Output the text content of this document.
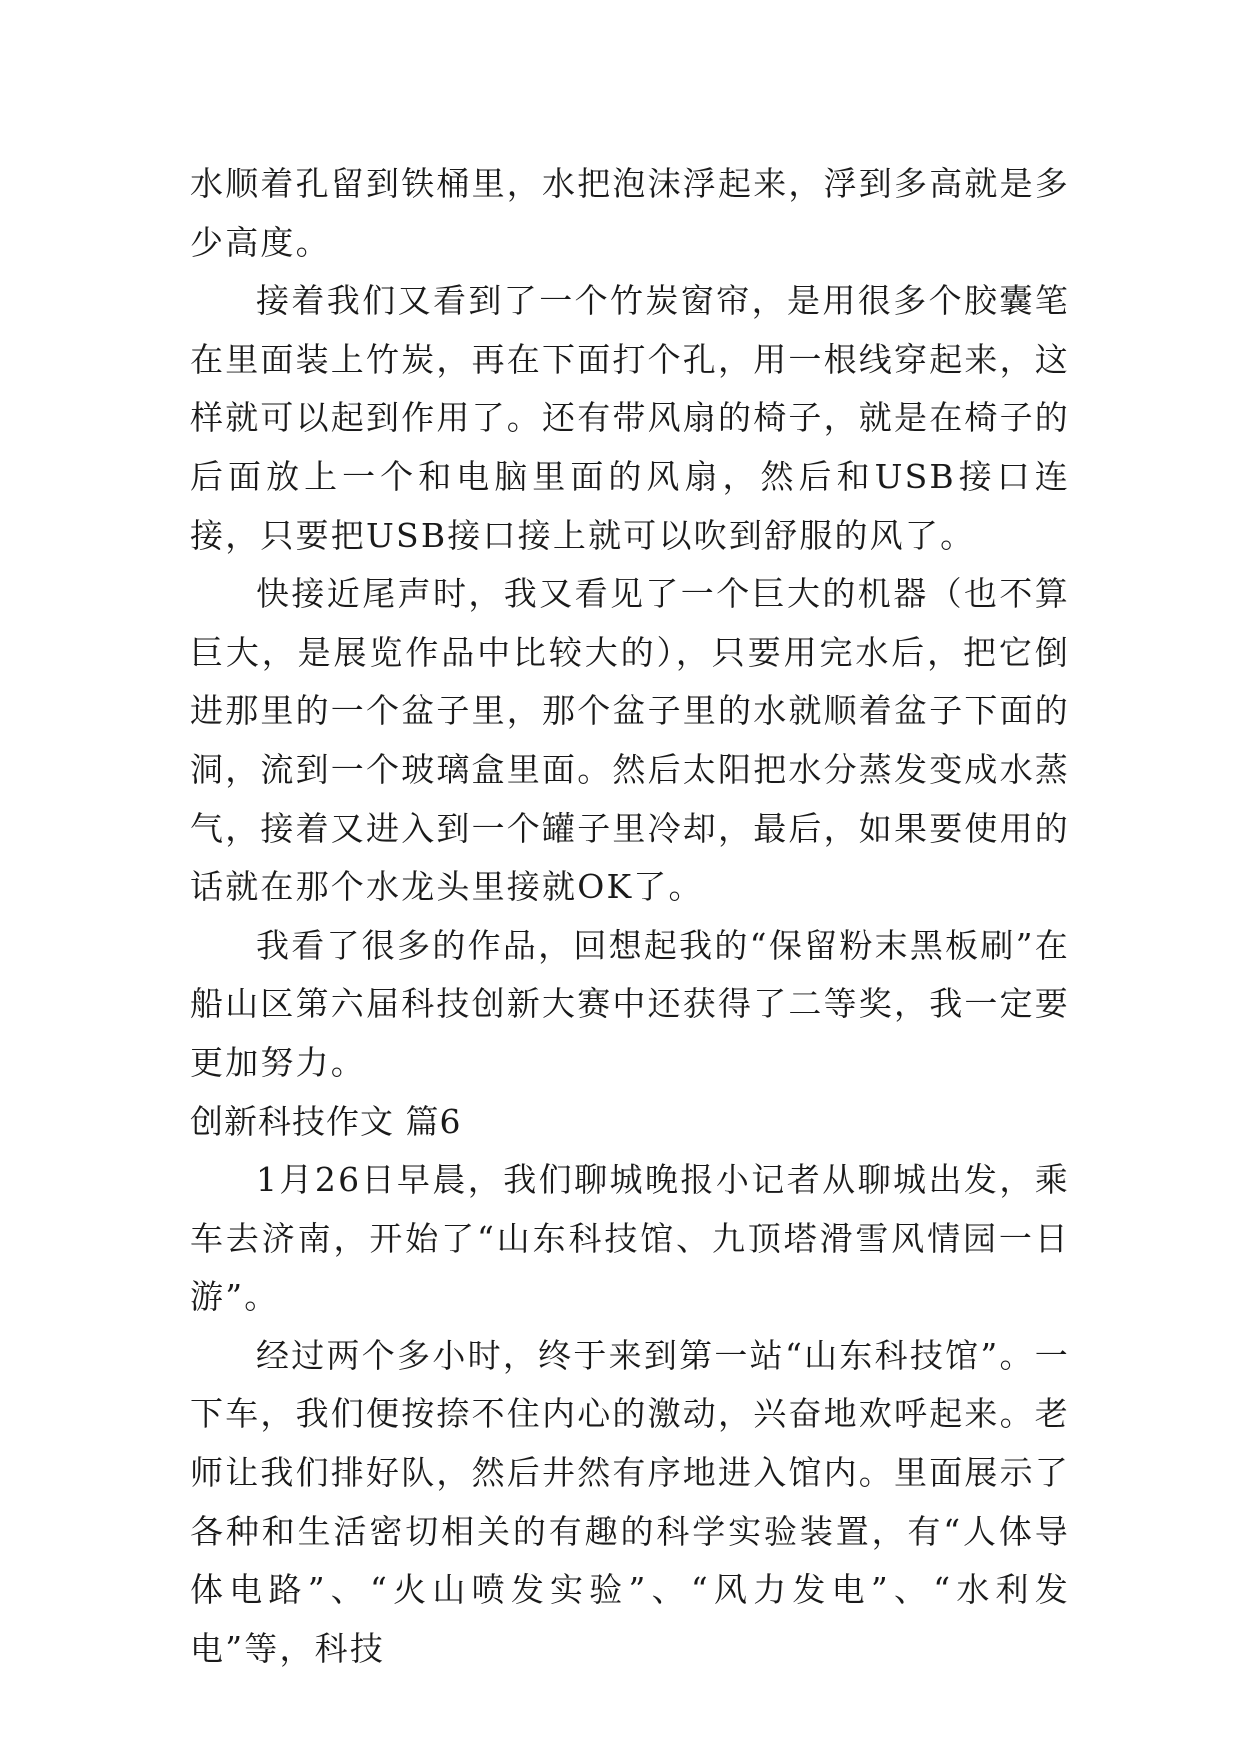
水顺着孔留到铁桶里，水把泡沫浮起来，浮到多高就是多少高度。

接着我们又看到了一个竹炭窗帘，是用很多个胶囊笔在里面装上竹炭，再在下面打个孔，用一根线穿起来，这样就可以起到作用了。还有带风扇的椅子，就是在椅子的后面放上一个和电脑里面的风扇，然后和USB接口连接，只要把USB接口接上就可以吹到舒服的风了。

快接近尾声时，我又看见了一个巨大的机器（也不算巨大，是展览作品中比较大的），只要用完水后，把它倒进那里的一个盆子里，那个盆子里的水就顺着盆子下面的洞，流到一个玻璃盒里面。然后太阳把水分蒸发变成水蒸气，接着又进入到一个罐子里冷却，最后，如果要使用的话就在那个水龙头里接就OK了。

我看了很多的作品，回想起我的“保留粉末黑板刷”在船山区第六届科技创新大赛中还获得了二等奖，我一定要更加努力。

创新科技作文 篇6

1月26日早晨，我们聊城晚报小记者从聊城出发，乘车去济南，开始了“山东科技馆、九顶塔滑雪风情园一日游”。

经过两个多小时，终于来到第一站“山东科技馆”。一下车，我们便按捺不住内心的激动，兴奋地欢呼起来。老师让我们排好队，然后井然有序地进入馆内。里面展示了各种和生活密切相关的有趣的科学实验装置，有“人体导体电路”、“火山喷发实验”、“风力发电”、“水利发电”等，科技
